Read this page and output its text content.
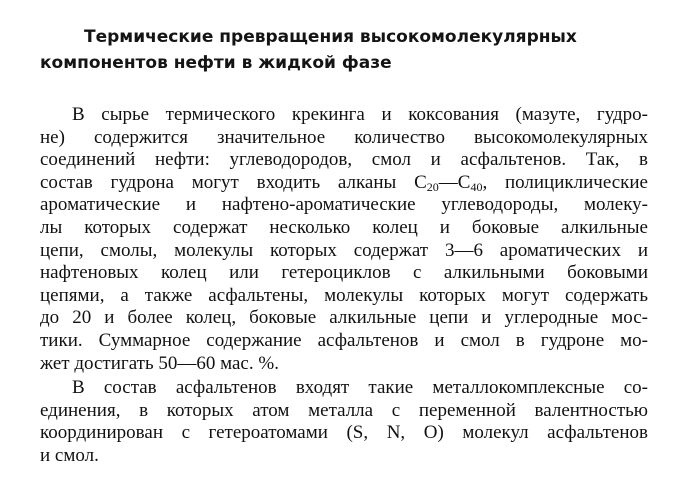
Термические превращения высокомолекулярных
компонентов нефти в жидкой фазе
В сырье термического крекинга и коксования (мазуте, гудро-
не) содержится значительное количество высокомолекулярных
соединений нефти: углеводородов, смол и асфальтенов. Так, в
состав гудрона могут входить алканы $C_{20}—C_{40}$, полициклические
ароматические и нафтено-ароматические углеводороды, молеку-
лы которых содержат несколько колец и боковые алкильные
цепи, смолы, молекулы которых содержат 3—6 ароматических и
нафтеновых колец или гетероциклов с алкильными боковыми
цепями, а также асфальтены, молекулы которых могут содержать
до 20 и более колец, боковые алкильные цепи и углеродные мос-
тики. Суммарное содержание асфальтенов и смол в гудроне мо-
жет достигать 50—60 мас. %.
В состав асфальтенов входят такие металлокомплексные со-
единения, в которых атом металла с переменной валентностью
координирован с гетероатомами (S, N, O) молекул асфальтенов
и смол.
